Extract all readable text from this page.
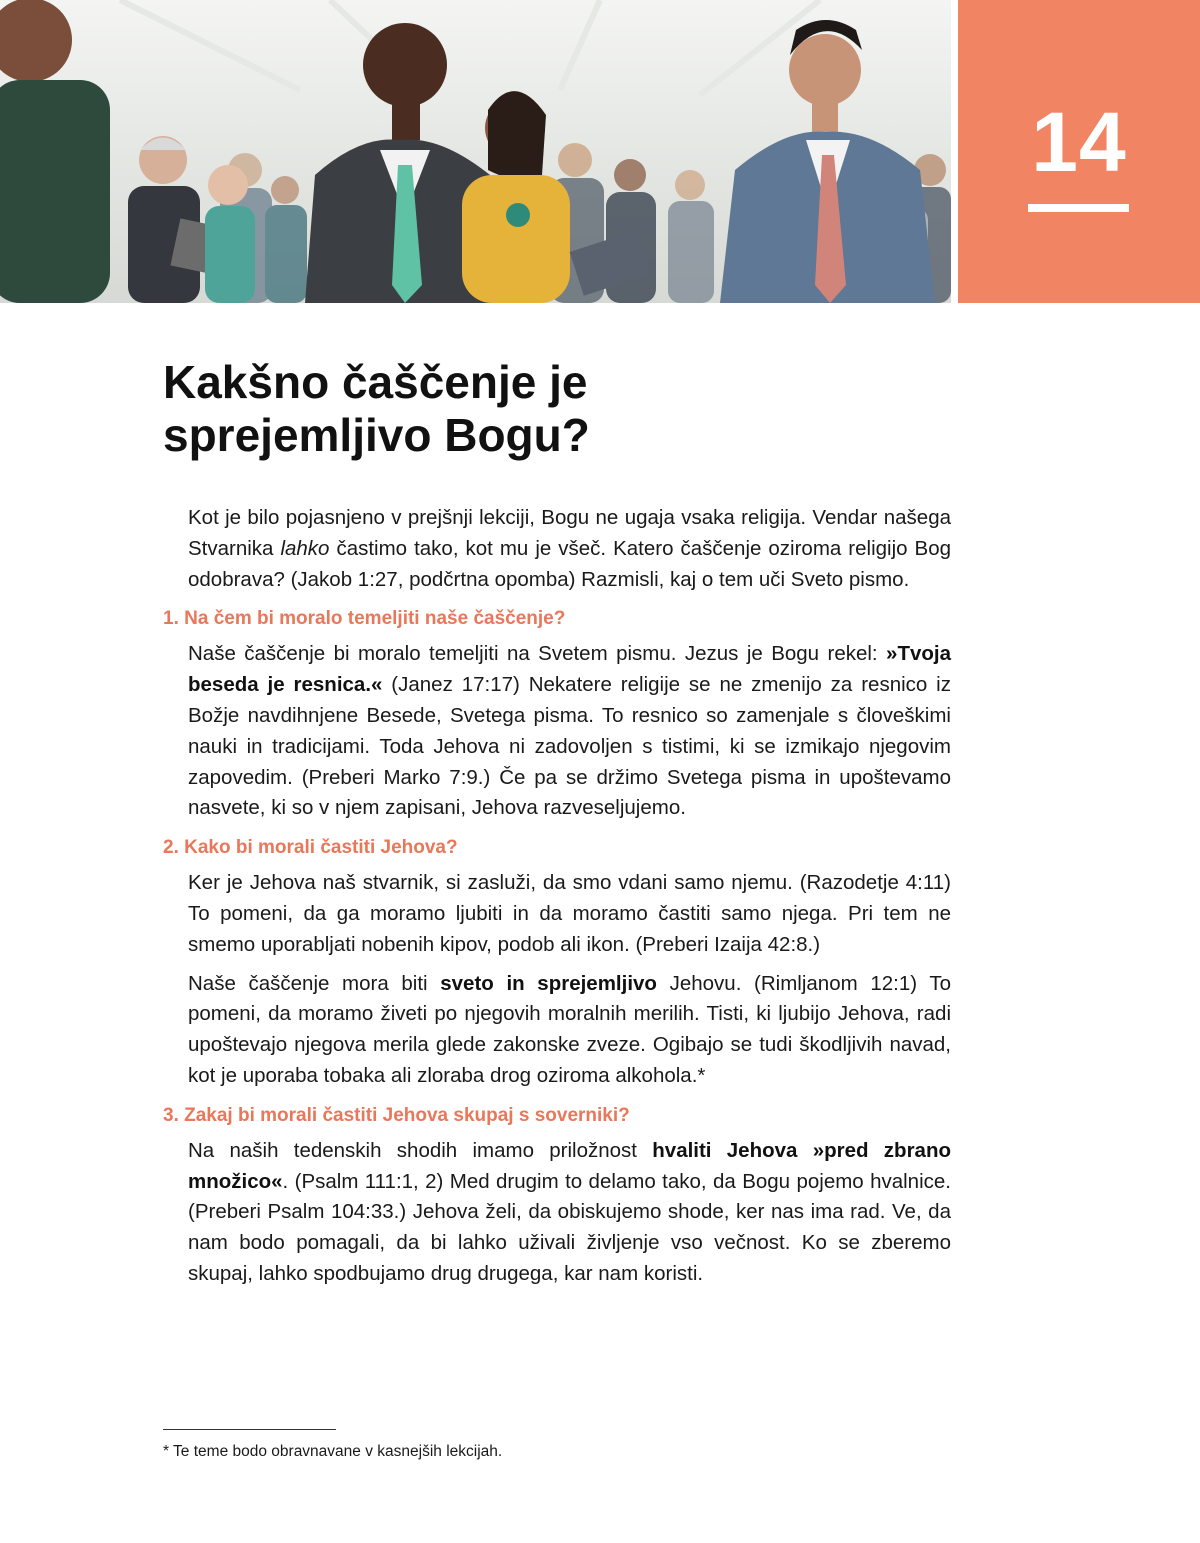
14
Kakšno čaščenje je
sprejemljivo Bogu?

Kot je bilo pojasnjeno v prejšnji lekciji, Bogu ne ugaja vsaka religija. Vendar našega Stvarnika lahko častimo tako, kot mu je všeč. Katero čaščenje oziroma religijo Bog odobrava? (Jakob 1:27, podčrtna opomba) Razmisli, kaj o tem uči Sveto pismo.

1. Na čem bi moralo temeljiti naše čaščenje?

Naše čaščenje bi moralo temeljiti na Svetem pismu. Jezus je Bogu rekel: »Tvoja beseda je resnica.« (Janez 17:17) Nekatere religije se ne zmenijo za resnico iz Božje navdihnjene Besede, Svetega pisma. To resnico so zamenjale s človeškimi nauki in tradicijami. Toda Jehova ni zadovoljen s tistimi, ki se izmikajo njegovim zapovedim. (Preberi Marko 7:9.) Če pa se držimo Svetega pisma in upoštevamo nasvete, ki so v njem zapisani, Jehova razveseljujemo.

2. Kako bi morali častiti Jehova?

Ker je Jehova naš stvarnik, si zasluži, da smo vdani samo njemu. (Razodetje 4:11) To pomeni, da ga moramo ljubiti in da moramo častiti samo njega. Pri tem ne smemo uporabljati nobenih kipov, podob ali ikon. (Preberi Izaija 42:8.)

Naše čaščenje mora biti sveto in sprejemljivo Jehovu. (Rimljanom 12:1) To pomeni, da moramo živeti po njegovih moralnih merilih. Tisti, ki ljubijo Jehova, radi upoštevajo njegova merila glede zakonske zveze. Ogibajo se tudi škodljivih navad, kot je uporaba tobaka ali zloraba drog oziroma alkohola.*

3. Zakaj bi morali častiti Jehova skupaj s soverniki?

Na naših tedenskih shodih imamo priložnost hvaliti Jehova »pred zbrano množico«. (Psalm 111:1, 2) Med drugim to delamo tako, da Bogu pojemo hvalnice. (Preberi Psalm 104:33.) Jehova želi, da obiskujemo shode, ker nas ima rad. Ve, da nam bodo pomagali, da bi lahko uživali življenje vso večnost. Ko se zberemo skupaj, lahko spodbujamo drug drugega, kar nam koristi.

* Te teme bodo obravnavane v kasnejših lekcijah.
